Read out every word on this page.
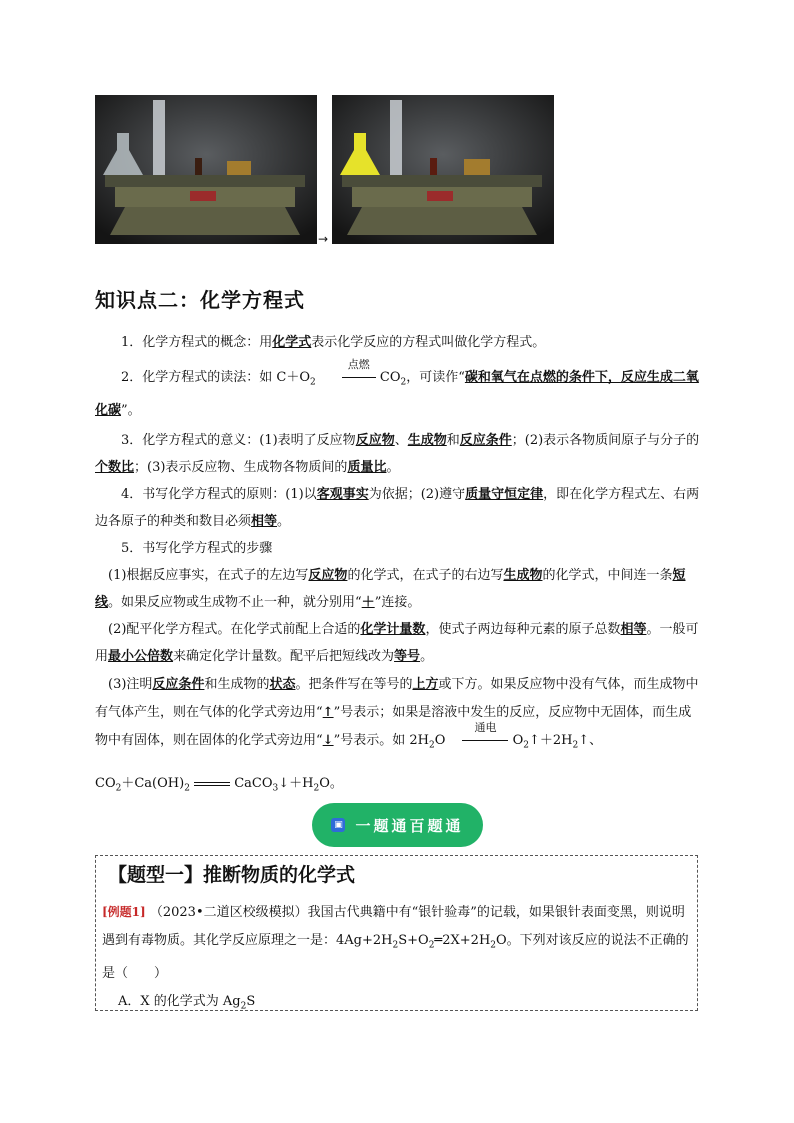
→
知识点二：化学方程式
1．化学方程式的概念：用化学式表示化学反应的方程式叫做化学方程式。
2．化学方程式的读法：如 $C+O_2$
点燃
$CO_2$，可读作“碳和氧气在点燃的条件下，反应生成二氧化碳”。
3．化学方程式的意义：(1)表明了反应物反应物、生成物和反应条件；(2)表示各物质间原子与分子的个数比；(3)表示反应物、生成物各物质间的质量比。
4．书写化学方程式的原则：(1)以客观事实为依据；(2)遵守质量守恒定律，即在化学方程式左、右两边各原子的种类和数目必须相等。
5．书写化学方程式的步骤
(1)根据反应事实，在式子的左边写反应物的化学式，在式子的右边写生成物的化学式，中间连一条短线。如果反应物或生成物不止一种，就分别用“＋”连接。
(2)配平化学方程式。在化学式前配上合适的化学计量数，使式子两边每种元素的原子总数相等。一般可用最小公倍数来确定化学计量数。配平后把短线改为等号。
(3)注明反应条件和生成物的状态。把条件写在等号的上方或下方。如果反应物中没有气体，而生成物中有气体产生，则在气体的化学式旁边用“↑”号表示；如果是溶液中发生的反应，反应物中无固体，而生成物中有固体，则在固体的化学式旁边用“↓”号表示。如 $2H_2O$
通电
$O_2↑+2H_2↑$、
$CO_2+Ca(OH)_2$	$CaCO_3↓+H_2O$。
▣ 一题通百题通
【题型一】推断物质的化学式
[例题1] （2023•二道区校级模拟）我国古代典籍中有“银针验毒”的记载，如果银针表面变黑，则说明遇到有毒物质。其化学反应原理之一是：$4Ag+2H_2S+O_2═2X+2H_2O$。下列对该反应的说法不正确的是（　　）
A．X 的化学式为 $Ag_2S$
